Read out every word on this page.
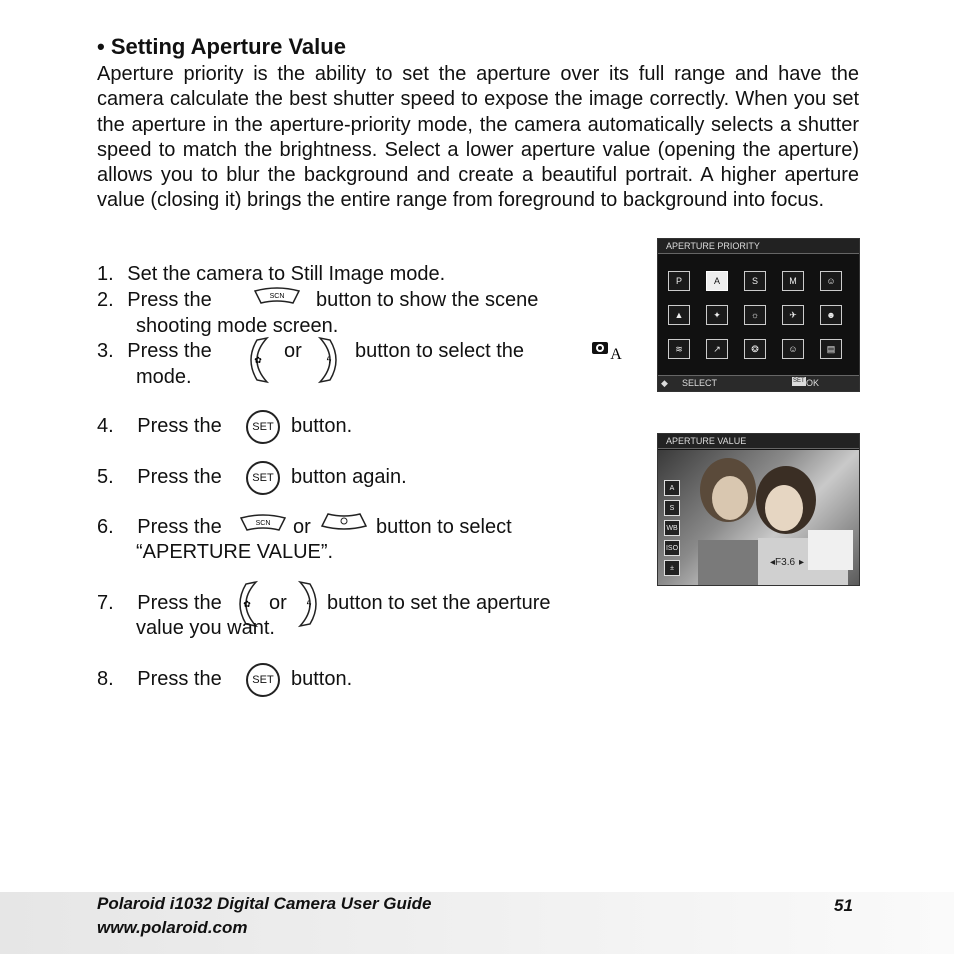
• Setting Aperture Value
Aperture priority is the ability to set the aperture over its full range and have the camera calculate the best shutter speed to expose the image correctly. When you set the aperture in the aperture-priority mode, the camera automatically selects a shutter speed to match the brightness. Select a lower aperture value (opening the aperture) allows you to blur the background and create a beautiful portrait. A higher aperture value (closing it) brings the entire range from foreground to background into focus.
1. Set the camera to Still Image mode.
2. Press the	SCN button to show the scene
shooting mode screen.
3. Press the	✿ or	ϟ button to select the	A
mode.
4. Press the	SET button.
5. Press the	SET button again.
6. Press the	SCN or	button to select
“APERTURE VALUE”.
7. Press the ✿ or ϟ button to set the aperture
value you want.
8. Press the	SET button.
APERTURE PRIORITY
P	A	S	M	☺
▲	✦	☼	✈	☻
≋	↗	❂	☺	▤
◆ SELECT	SET OK
APERTURE VALUE
A
S
WB
ISO
±	◂F3.6 ▸
Polaroid i1032 Digital Camera User Guide
www.polaroid.com
51
